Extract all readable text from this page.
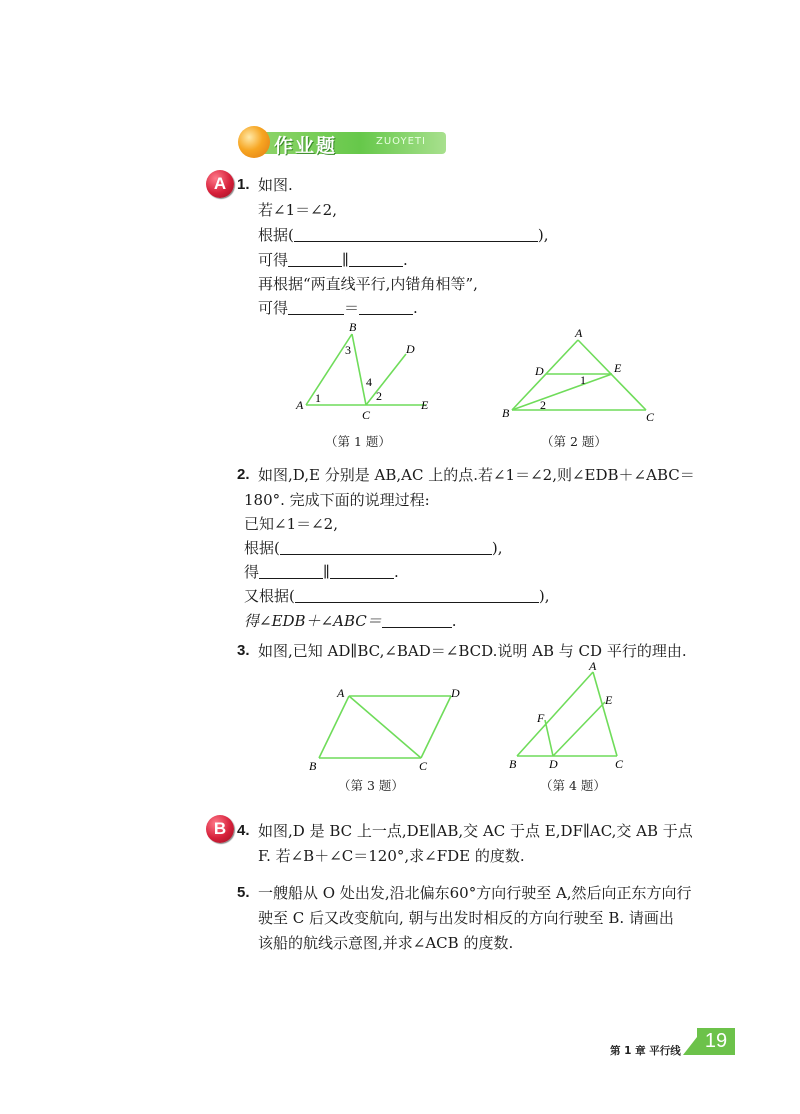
作业题	ZUOYETI
A 1. 如图.
若∠1＝∠2,
根据(	),
可得	∥	.
再根据“两直线平行,内错角相等”,
可得	＝	.
A
B
C
D
E
1	2
3
4
（第 1 题）
A
B	C
D	E
1
2
（第 2 题）
2. 如图,D,E 分别是 AB,AC 上的点.若∠1＝∠2,则∠EDB＋∠ABC＝
180°. 完成下面的说理过程:
已知∠1＝∠2,
根据(	),
得	∥	.
又根据(	),
得∠EDB＋∠ABC＝	.
3. 如图,已知 AD∥BC,∠BAD＝∠BCD.说明 AB 与 CD 平行的理由.
A	D
B	C
（第 3 题）
A
E
F
B	D	C
（第 4 题）
B 4. 如图,D 是 BC 上一点,DE∥AB,交 AC 于点 E,DF∥AC,交 AB 于点
F. 若∠B＋∠C＝120°,求∠FDE 的度数.
5. 一艘船从 O 处出发,沿北偏东60°方向行驶至 A,然后向正东方向行
驶至 C 后又改变航向, 朝与出发时相反的方向行驶至 B. 请画出
该船的航线示意图,并求∠ACB 的度数.
第 1 章 平行线	19
